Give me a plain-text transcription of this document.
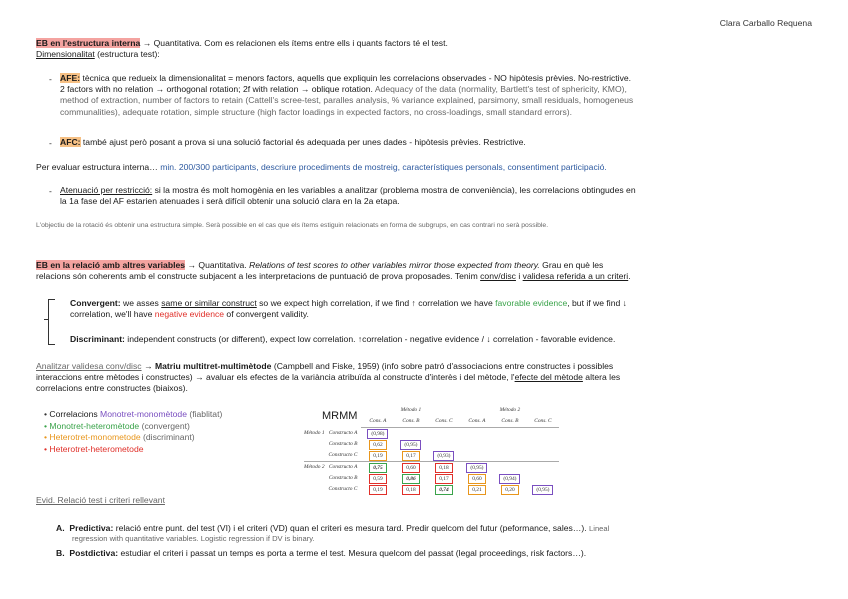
Clara Carballo Requena
EB en l'estructura interna → Quantitativa. Com es relacionen els ítems entre ells i quants factors té el test.
Dimensionalitat (estructura test):
- AFE: tècnica que redueix la dimensionalitat = menors factors, aquells que expliquin les correlacions observades - NO hipòtesis prèvies. No-restrictive.
2 factors with no relation → orthogonal rotation; 2f with relation → oblique rotation. Adequacy of the data (normality, Bartlett's test of sphericity, KMO),
method of extraction, number of factors to retain (Cattell's scree-test, paralles analysis, % variance explained, parsimony, small residuals, homogeneus
communalities), adequate rotation, simple structure (high factor loadings in expected factors, no cross-loadings, small standard errors).
- AFC: també ajust però posant a prova si una solució factorial és adequada per unes dades - hipòtesis prèvies. Restrictive.
Per evaluar estructura interna… min. 200/300 participants, descriure procediments de mostreig, característiques personals, consentiment participació.
- Atenuació per restricció: si la mostra és molt homogènia en les variables a analitzar (problema mostra de conveniència), les correlacions obtingudes en
la 1a fase del AF estarien atenuades i serà difícil obtenir una solució clara en la 2a etapa.
L'objectiu de la rotació és obtenir una estructura simple. Serà possible en el cas que els ítems estiguin relacionats en forma de subgrups, en cas contrari no serà possible.
EB en la relació amb altres variables → Quantitativa. Relations of test scores to other variables mirror those expected from theory. Grau en què les
relacions són coherents amb el constructe subjacent a les interpretacions de puntuació de prova proposades. Tenim conv/disc i validesa referida a un criteri.
Convergent: we asses same or similar construct so we expect high correlation, if we find ↑ correlation we have favorable evidence, but if we find ↓
correlation, we'll have negative evidence of convergent validity.
Discriminant: independent constructs (or different), expect low correlation. ↑correlation - negative evidence / ↓ correlation - favorable evidence.
Analitzar validesa conv/disc → Matriu multitret-multimètode (Campbell and Fiske, 1959) (info sobre patró d'associacions entre constructes i possibles
interaccions entre mètodes i constructes) → avaluar els efectes de la variància atribuïda al constructe d'interès i del mètode, l'efecte del mètode altera les
correlacions entre constructes (biaixos).
• Correlacions Monotret-monomètode (fiablitat)
• Monotret-heteromètode (convergent)
• Heterotret-monometode (discriminant)
• Heterotret-heterometode
MRMM
		Método 1			Método 2		
		Cons. A	Cons. B	Cons. C	Cons. A	Cons. B	Cons. C
Método 1	Constructo A	(0,98)					
	Constructo B	0,62	(0,95)				
	Constructo C	0,19	0,17	(0,93)			
Método 2	Constructo A	0,75	0,60	0,18	(0,95)		
	Constructo B	0,59	0,86	0,17	0,60	(0,94)	
	Constructo C	0,19	0,18	0,74	0,21	0,20	(0,95)
Evid. Relació test i criteri rellevant
A. Predictiva: relació entre punt. del test (VI) i el criteri (VD) quan el criteri es mesura tard. Predir quelcom del futur (peformance, sales…). Lineal
regression with quantitative variables. Logistic regression if DV is binary.
B. Postdictiva: estudiar el criteri i passat un temps es porta a terme el test. Mesura quelcom del passat (legal proceedings, risk factors…).
